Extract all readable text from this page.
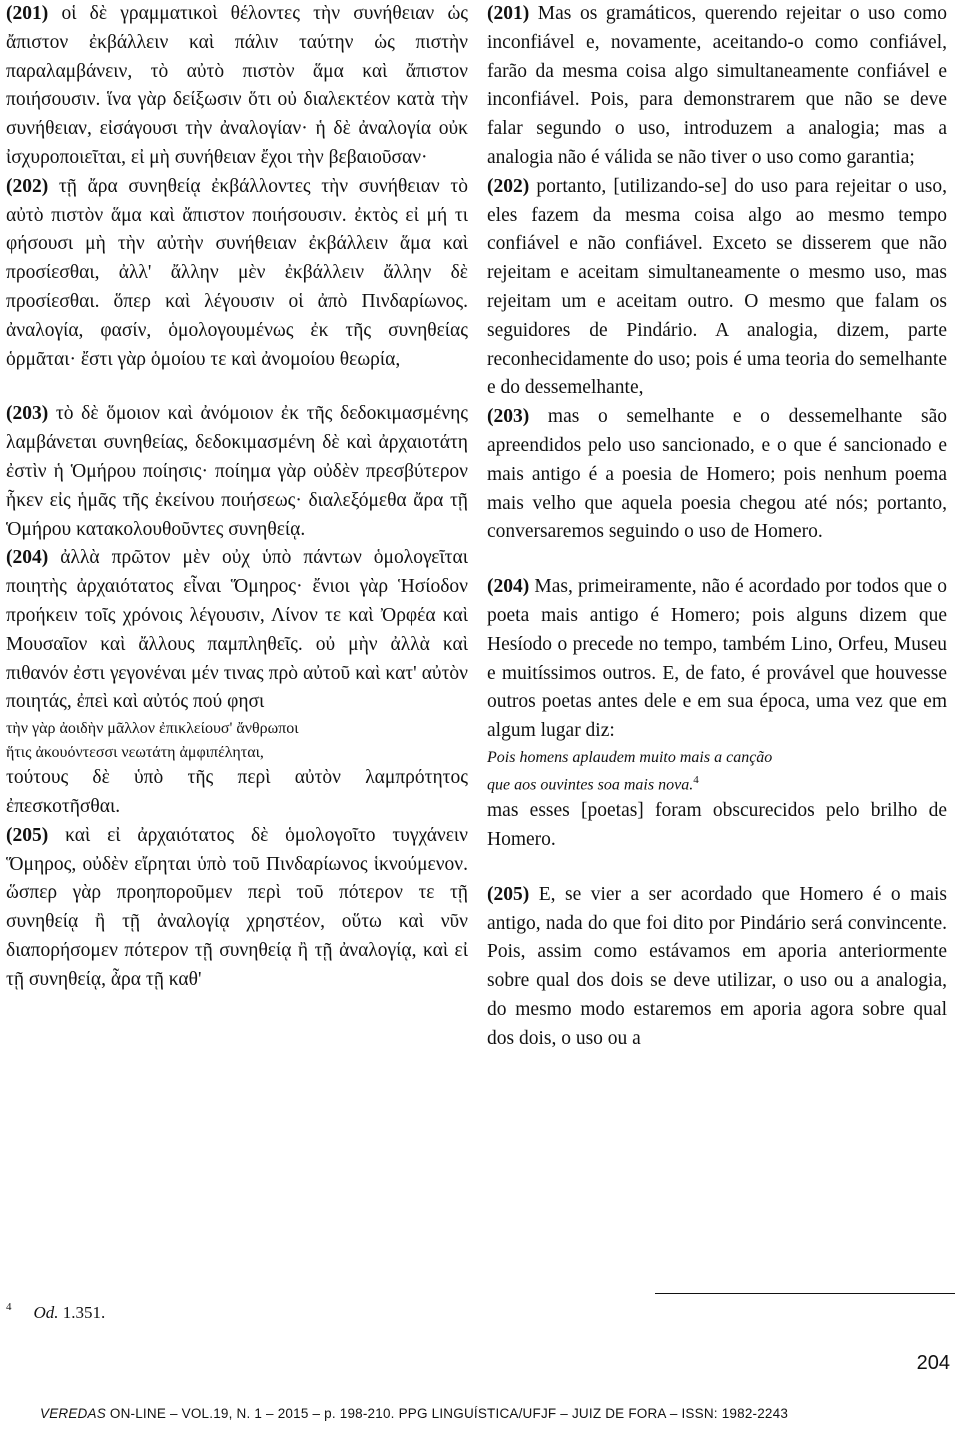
(201) οἱ δὲ γραμματικοὶ θέλοντες τὴν συνήθειαν ὡς ἄπιστον ἐκβάλλειν καὶ πάλιν ταύτην ὡς πιστὴν παραλαμβάνειν, τὸ αὐτὸ πιστὸν ἅμα καὶ ἄπιστον ποιήσουσιν. ἵνα γὰρ δείξωσιν ὅτι οὐ διαλεκτέον κατὰ τὴν συνήθειαν, εἰσάγουσι τὴν ἀναλογίαν· ἡ δὲ ἀναλογία οὐκ ἰσχυροποιεῖται, εἰ μὴ συνήθειαν ἔχοι τὴν βεβαιοῦσαν·

(202) τῇ ἄρα συνηθείᾳ ἐκβάλλοντες τὴν συνήθειαν τὸ αὐτὸ πιστὸν ἅμα καὶ ἄπιστον ποιήσουσιν. ἐκτὸς εἰ μή τι φήσουσι μὴ τὴν αὐτὴν συνήθειαν ἐκβάλλειν ἅμα καὶ προσίεσθαι, ἀλλ' ἄλλην μὲν ἐκβάλλειν ἄλλην δὲ προσίεσθαι. ὅπερ καὶ λέγουσιν οἱ ἀπὸ Πινδαρίωνος. ἀναλογία, φασίν, ὁμολογουμένως ἐκ τῆς συνηθείας ὁρμᾶται· ἔστι γὰρ ὁμοίου τε καὶ ἀνομοίου θεωρία,

(203) τὸ δὲ ὅμοιον καὶ ἀνόμοιον ἐκ τῆς δεδοκιμασμένης λαμβάνεται συνηθείας, δεδοκιμασμένη δὲ καὶ ἀρχαιοτάτη ἐστὶν ἡ Ὁμήρου ποίησις· ποίημα γὰρ οὐδὲν πρεσβύτερον ἧκεν εἰς ἡμᾶς τῆς ἐκείνου ποιήσεως· διαλεξόμεθα ἄρα τῇ Ὁμήρου κατακολουθοῦντες συνηθείᾳ.

(204) ἀλλὰ πρῶτον μὲν οὐχ ὑπὸ πάντων ὁμολογεῖται ποιητὴς ἀρχαιότατος εἶναι Ὅμηρος· ἔνιοι γὰρ Ἡσίοδον προήκειν τοῖς χρόνοις λέγουσιν, Λίνον τε καὶ Ὀρφέα καὶ Μουσαῖον καὶ ἄλλους παμπληθεῖς. οὐ μὴν ἀλλὰ καὶ πιθανόν ἐστι γεγονέναι μέν τινας πρὸ αὐτοῦ καὶ κατ' αὐτὸν ποιητάς, ἐπεὶ καὶ αὐτός πού φησι

τὴν γὰρ ἀοιδὴν μᾶλλον ἐπικλείουσ' ἄνθρωποι

ἥτις ἀκουόντεσσι νεωτάτη ἀμφιπέληται,

τούτους δὲ ὑπὸ τῆς περὶ αὐτὸν λαμπρότητος ἐπεσκοτῆσθαι.

(205) καὶ εἰ ἀρχαιότατος δὲ ὁμολογοῖτο τυγχάνειν Ὅμηρος, οὐδὲν εἴρηται ὑπὸ τοῦ Πινδαρίωνος ἱκνούμενον. ὥσπερ γὰρ προηποροῦμεν περὶ τοῦ πότερον τε τῇ συνηθείᾳ ἢ τῇ ἀναλογίᾳ χρηστέον, οὕτω καὶ νῦν διαπορήσομεν πότερον τῇ συνηθείᾳ ἢ τῇ ἀναλογίᾳ, καὶ εἰ τῇ συνηθείᾳ, ἆρα τῇ καθ'

(201) Mas os gramáticos, querendo rejeitar o uso como inconfiável e, novamente, aceitando-o como confiável, farão da mesma coisa algo simultaneamente confiável e inconfiável. Pois, para demonstrarem que não se deve falar segundo o uso, introduzem a analogia; mas a analogia não é válida se não tiver o uso como garantia;

(202) portanto, [utilizando-se] do uso para rejeitar o uso, eles fazem da mesma coisa algo ao mesmo tempo confiável e não confiável. Exceto se disserem que não rejeitam e aceitam simultaneamente o mesmo uso, mas rejeitam um e aceitam outro. O mesmo que falam os seguidores de Pindário. A analogia, dizem, parte reconhecidamente do uso; pois é uma teoria do semelhante e do dessemelhante,

(203) mas o semelhante e o dessemelhante são apreendidos pelo uso sancionado, e o que é sancionado e mais antigo é a poesia de Homero; pois nenhum poema mais velho que aquela poesia chegou até nós; portanto, conversaremos seguindo o uso de Homero.

(204) Mas, primeiramente, não é acordado por todos que o poeta mais antigo é Homero; pois alguns dizem que Hesíodo o precede no tempo, também Lino, Orfeu, Museu e muitíssimos outros. E, de fato, é provável que houvesse outros poetas antes dele e em sua época, uma vez que em algum lugar diz:

Pois homens aplaudem muito mais a canção

que aos ouvintes soa mais nova.$^4$

mas esses [poetas] foram obscurecidos pelo brilho de Homero.

(205) E, se vier a ser acordado que Homero é o mais antigo, nada do que foi dito por Pindário será convincente. Pois, assim como estávamos em aporia anteriormente sobre qual dos dois se deve utilizar, o uso ou a analogia, do mesmo modo estaremos em aporia agora sobre qual dos dois, o uso ou a

$^4$ Od. 1.351.
204
VEREDAS ON-LINE – VOL.19, N. 1 – 2015 – p. 198-210. PPG LINGUÍSTICA/UFJF – JUIZ DE FORA – ISSN: 1982-2243
